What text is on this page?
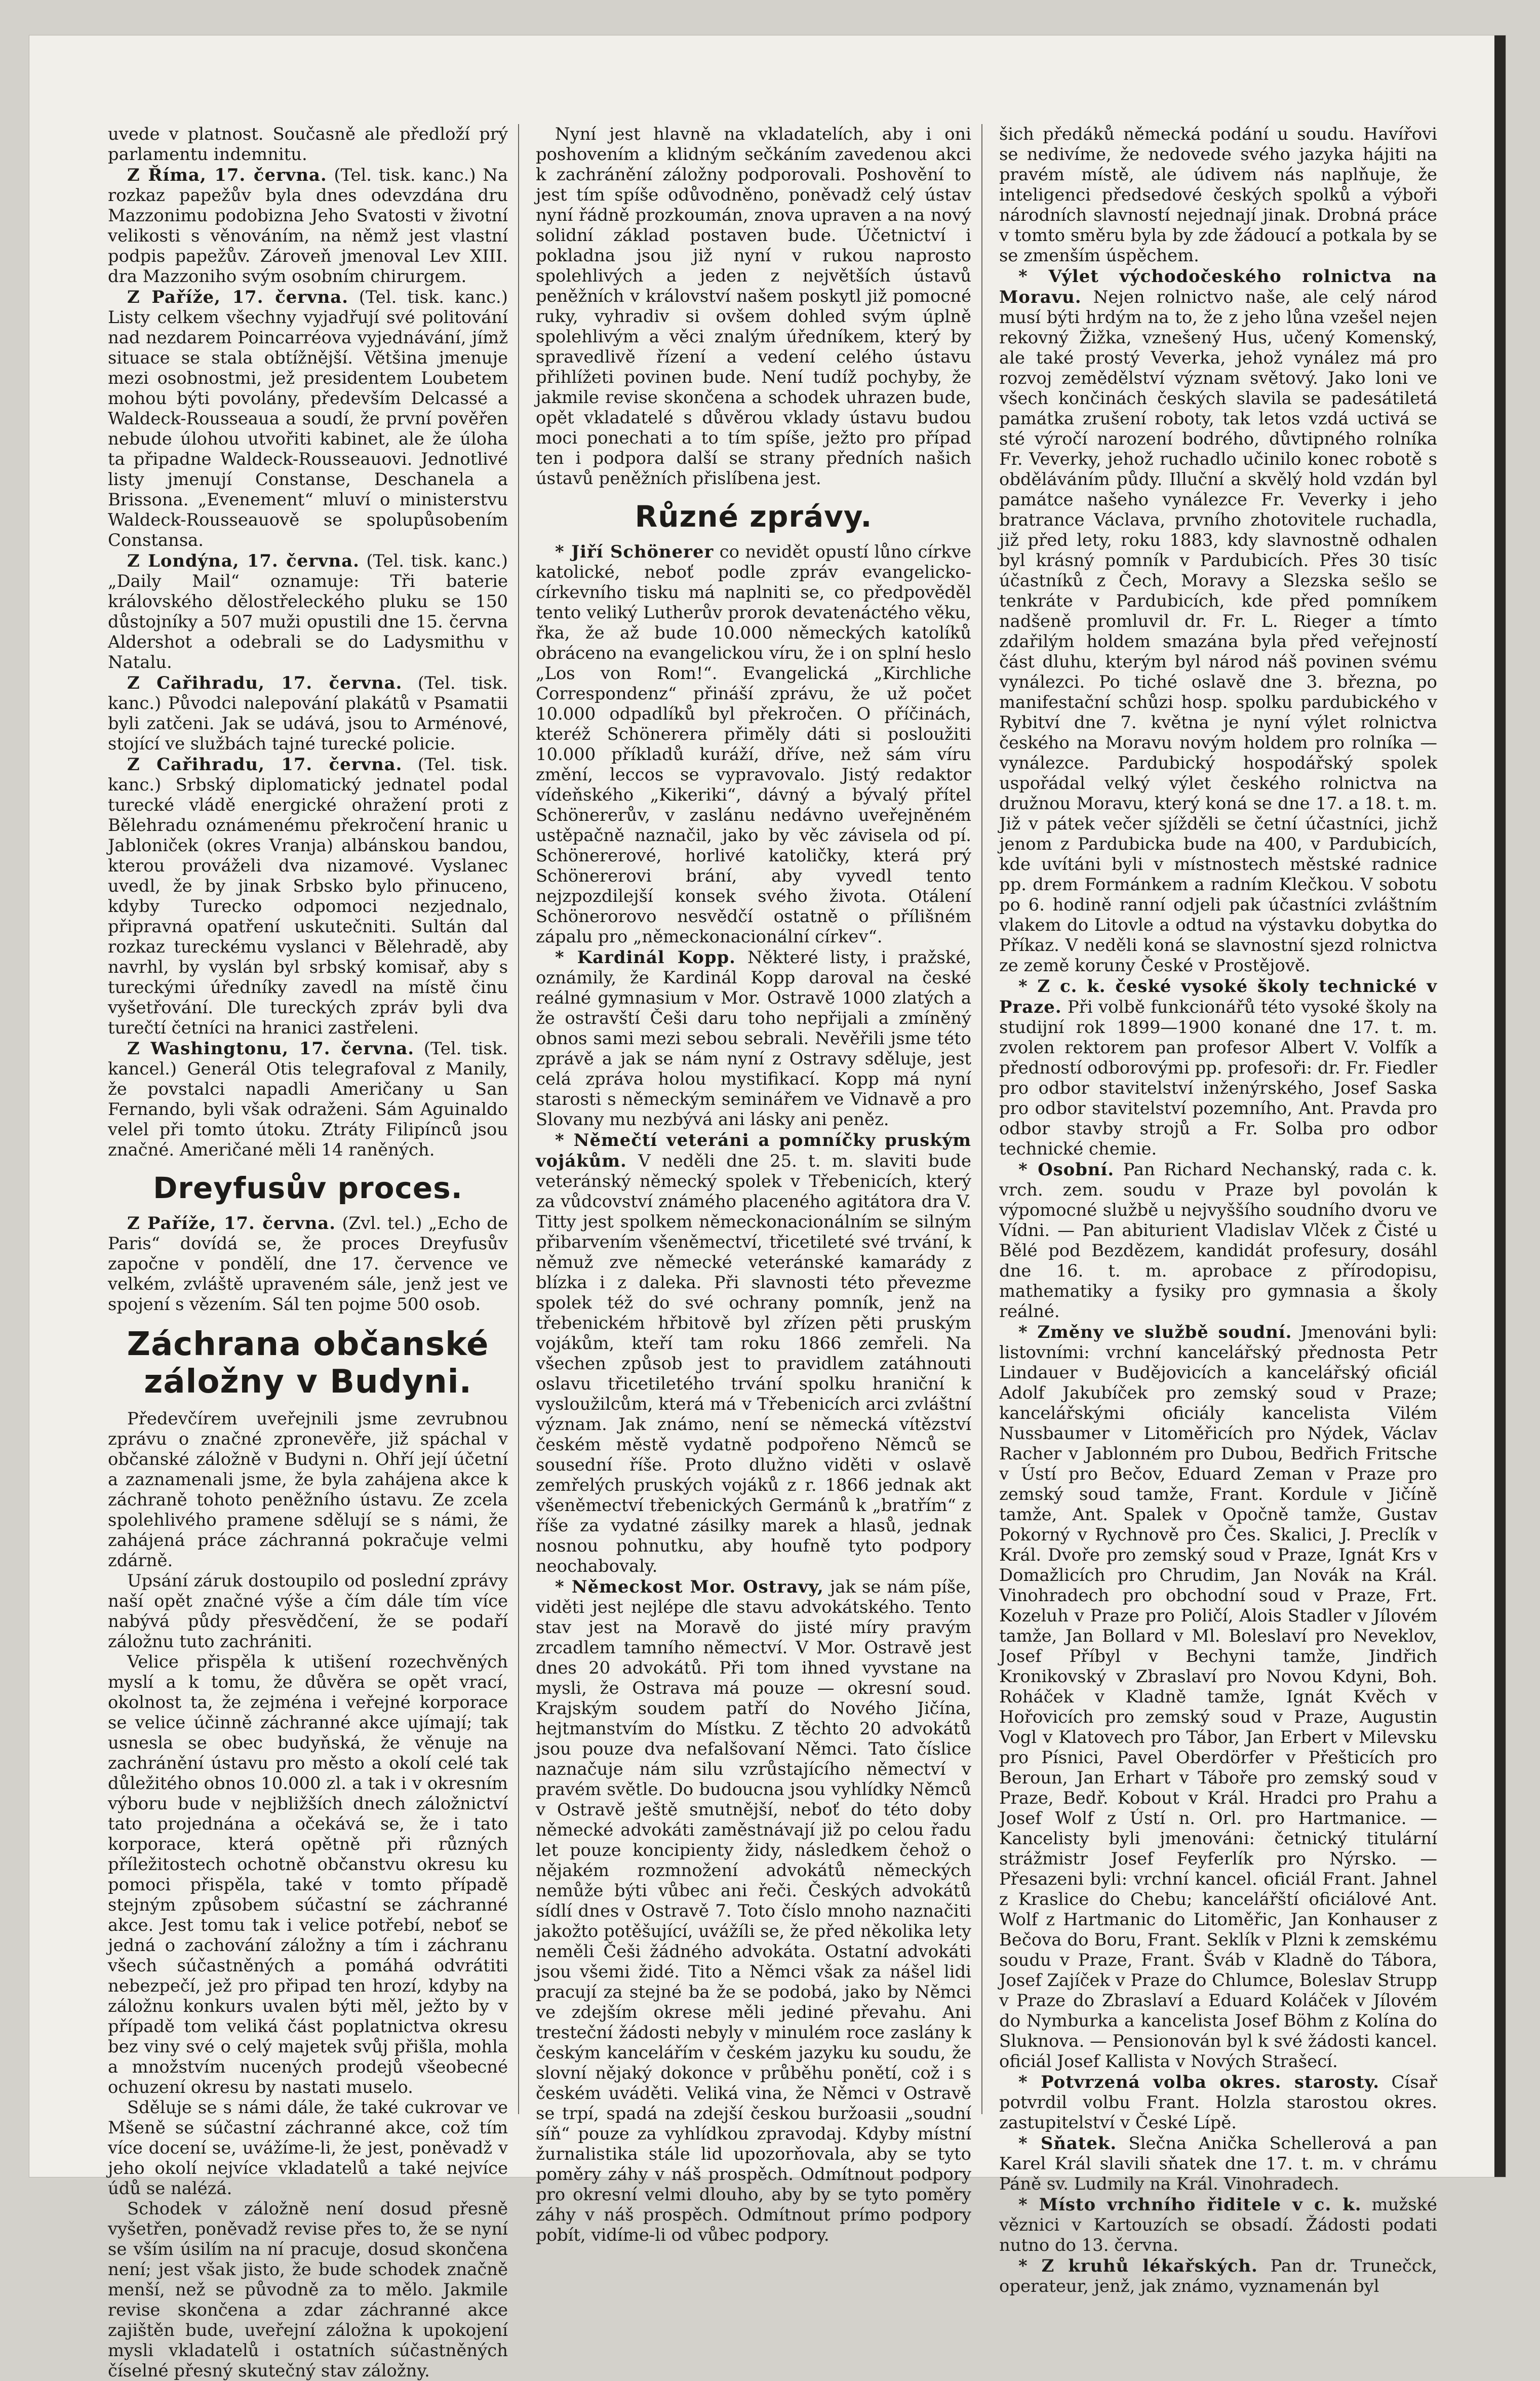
uvede v platnost. Současně ale předloží prý parlamentu indemnitu.

Z Říma, 17. června. (Tel. tisk. kanc.) Na rozkaz papežův byla dnes odevzdána dru Mazzonimu podobizna Jeho Svatosti v životní velikosti s věnováním, na němž jest vlastní podpis papežův. Zároveň jmenoval Lev XIII. dra Mazzoniho svým osobním chirurgem.

Z Paříže, 17. června. (Tel. tisk. kanc.) Listy celkem všechny vyjadřují své politování nad nezdarem Poincarréova vyjednávání, jímž situace se stala obtížnější. Většina jmenuje mezi osobnostmi, jež presidentem Loubetem mohou býti povolány, především Delcassé a Waldeck-Rousseaua a soudí, že první pověřen nebude úlohou utvořiti kabinet, ale že úloha ta připadne Waldeck-Rousseauovi. Jednotlivé listy jmenují Constanse, Deschanela a Brissona. „Evenement“ mluví o ministerstvu Waldeck-Rousseauově se spolupůsobením Constansa.

Z Londýna, 17. června. (Tel. tisk. kanc.) „Daily Mail“ oznamuje: Tři baterie královského dělostřeleckého pluku se 150 důstojníky a 507 muži opustili dne 15. června Aldershot a odebrali se do Ladysmithu v Natalu.

Z Cařihradu, 17. června. (Tel. tisk. kanc.) Původci nalepování plakátů v Psamatii byli zatčeni. Jak se udává, jsou to Arménové, stojící ve službách tajné turecké policie.

Z Cařihradu, 17. června. (Tel. tisk. kanc.) Srbský diplomatický jednatel podal turecké vládě energické ohražení proti z Bělehradu oznámenému překročení hranic u Jabloniček (okres Vranja) albánskou bandou, kterou prováželi dva nizamové. Vyslanec uvedl, že by jinak Srbsko bylo přinuceno, kdyby Turecko odpomoci nezjednalo, připravná opatření uskutečniti. Sultán dal rozkaz tureckému vyslanci v Bělehradě, aby navrhl, by vyslán byl srbský komisař, aby s tureckými úředníky zavedl na místě činu vyšetřování. Dle tureckých zpráv byli dva turečtí četníci na hranici zastřeleni.

Z Washingtonu, 17. června. (Tel. tisk. kancel.) Generál Otis telegrafoval z Manily, že povstalci napadli Američany u San Fernando, byli však odraženi. Sám Aguinaldo velel při tomto útoku. Ztráty Filipínců jsou značné. Američané měli 14 raněných.

Dreyfusův proces.

Z Paříže, 17. června. (Zvl. tel.) „Echo de Paris“ dovídá se, že proces Dreyfusův započne v pondělí, dne 17. července ve velkém, zvláště upraveném sále, jenž jest ve spojení s vězením. Sál ten pojme 500 osob.

Záchrana občanské záložny v Budyni.

Předevčírem uveřejnili jsme zevrubnou zprávu o značné zpronevěře, již spáchal v občanské záložně v Budyni n. Ohří její účetní a zaznamenali jsme, že byla zahájena akce k záchraně tohoto peněžního ústavu. Ze zcela spolehlivého pramene sdělují se s námi, že zahájená práce záchranná pokračuje velmi zdárně.

Upsání záruk dostoupilo od poslední zprávy naší opět značné výše a čím dále tím více nabývá půdy přesvědčení, že se podaří záložnu tuto zachrániti.

Velice přispěla k utišení rozechvěných myslí a k tomu, že důvěra se opět vrací, okolnost ta, že zejména i veřejné korporace se velice účinně záchranné akce ujímají; tak usnesla se obec budyňská, že věnuje na zachránění ústavu pro město a okolí celé tak důležitého obnos 10.000 zl. a tak i v okresním výboru bude v nejbližších dnech záložnictví tato projednána a očekává se, že i tato korporace, která opětně při různých příležitostech ochotně občanstvu okresu ku pomoci přispěla, také v tomto případě stejným způsobem súčastní se záchranné akce. Jest tomu tak i velice potřebí, neboť se jedná o zachování záložny a tím i záchranu všech súčastněných a pomáhá odvrátiti nebezpečí, jež pro připad ten hrozí, kdyby na záložnu konkurs uvalen býti měl, ježto by v případě tom veliká část poplatnictva okresu bez viny své o celý majetek svůj přišla, mohla a množstvím nucených prodejů všeobecné ochuzení okresu by nastati muselo.

Sděluje se s námi dále, že také cukrovar ve Mšeně se súčastní záchranné akce, což tím více docení se, uvážíme-li, že jest, poněvadž v jeho okolí nejvíce vkladatelů a také nejvíce údů se nalézá.

Schodek v záložně není dosud přesně vyšetřen, poněvadž revise přes to, že se nyní se vším úsilím na ní pracuje, dosud skončena není; jest však jisto, že bude schodek značně menší, než se původně za to mělo. Jakmile revise skončena a zdar záchranné akce zajištěn bude, uveřejní záložna k upokojení mysli vkladatelů i ostatních súčastněných číselné přesný skutečný stav záložny.

Nyní jest hlavně na vkladatelích, aby i oni poshovením a klidným sečkáním zavedenou akci k zachránění záložny podporovali. Poshovění to jest tím spíše odůvodněno, poněvadž celý ústav nyní řádně prozkoumán, znova upraven a na nový solidní základ postaven bude. Účetnictví i pokladna jsou již nyní v rukou naprosto spolehlivých a jeden z největších ústavů peněžních v království našem poskytl již pomocné ruky, vyhradiv si ovšem dohled svým úplně spolehlivým a věci znalým úředníkem, který by spravedlivě řízení a vedení celého ústavu přihlížeti povinen bude. Není tudíž pochyby, že jakmile revise skončena a schodek uhrazen bude, opět vkladatelé s důvěrou vklady ústavu budou moci ponechati a to tím spíše, ježto pro případ ten i podpora další se strany předních našich ústavů peněžních přislíbena jest.

Různé zprávy.

* Jiří Schönerer co nevidět opustí lůno církve katolické, neboť podle zpráv evangelicko-církevního tisku má naplniti se, co předpověděl tento veliký Lutherův prorok devatenáctého věku, řka, že až bude 10.000 německých katolíků obráceno na evangelickou víru, že i on splní heslo „Los von Rom!“. Evangelická „Kirchliche Correspondenz“ přináší zprávu, že už počet 10.000 odpadlíků byl překročen. O příčinách, kteréž Schönerera přiměly dáti si posloužiti 10.000 příkladů kuráží, dříve, než sám víru změní, leccos se vypravovalo. Jistý redaktor vídeňského „Kikeriki“, dávný a bývalý přítel Schönererův, v zaslánu nedávno uveřejněném ustěpačně naznačil, jako by věc závisela od pí. Schönererové, horlivé katoličky, která prý Schönererovi brání, aby vyvedl tento nejzpozdilejší konsek svého života. Otálení Schönerorovo nesvědčí ostatně o přílišném zápalu pro „německonacionální církev“.

* Kardinál Kopp. Některé listy, i pražské, oznámily, že Kardinál Kopp daroval na české reálné gymnasium v Mor. Ostravě 1000 zlatých a že ostravští Češi daru toho nepřijali a zmíněný obnos sami mezi sebou sebrali. Nevěřili jsme této zprávě a jak se nám nyní z Ostravy sděluje, jest celá zpráva holou mystifikací. Kopp má nyní starosti s německým seminářem ve Vidnavě a pro Slovany mu nezbývá ani lásky ani peněz.

* Němečtí veteráni a pomníčky pruským vojákům. V neděli dne 25. t. m. slaviti bude veteránský německý spolek v Třebenicích, který za vůdcovství známého placeného agitátora dra V. Titty jest spolkem německonacionálním se silným přibarvením všeněmectví, třicetileté své trvání, k němuž zve německé veteránské kamarády z blízka i z daleka. Při slavnosti této převezme spolek též do své ochrany pomník, jenž na třebenickém hřbitově byl zřízen pěti pruským vojákům, kteří tam roku 1866 zemřeli. Na všechen způsob jest to pravidlem zatáhnouti oslavu třicetiletého trvání spolku hraniční k vysloužilcům, která má v Třebenicích arci zvláštní význam. Jak známo, není se německá vítězství českém městě vydatně podpořeno Němců se sousední říše. Proto dlužno viděti v oslavě zemřelých pruských vojáků z r. 1866 jednak akt všeněmectví třebenických Germánů k „bratřím“ z říše za vydatné zásilky marek a hlasů, jednak nosnou pohnutku, aby houfně tyto podpory neochabovaly.

* Německost Mor. Ostravy, jak se nám píše, viděti jest nejlépe dle stavu advokátského. Tento stav jest na Moravě do jisté míry pravým zrcadlem tamního němectví. V Mor. Ostravě jest dnes 20 advokátů. Při tom ihned vyvstane na mysli, že Ostrava má pouze — okresní soud. Krajským soudem patří do Nového Jičína, hejtmanstvím do Místku. Z těchto 20 advokátů jsou pouze dva nefalšovaní Němci. Tato číslice naznačuje nám silu vzrůstajícího němectví v pravém světle. Do budoucna jsou vyhlídky Němců v Ostravě ještě smutnější, neboť do této doby německé advokáti zaměstnávají již po celou řadu let pouze koncipienty židy, následkem čehož o nějakém rozmnožení advokátů německých nemůže býti vůbec ani řeči. Českých advokátů sídlí dnes v Ostravě 7. Toto číslo mnoho naznačiti jakožto potěšující, uvážíli se, že před několika lety neměli Češi žádného advokáta. Ostatní advokáti jsou všemi židé. Tito a Němci však za nášel lidi pracují za stejné ba že se podobá, jako by Němci ve zdejším okrese měli jediné převahu. Ani tresteční žádosti nebyly v minulém roce zaslány k českým kancelářím v českém jazyku ku soudu, že slovní nějaký dokonce v průběhu ponětí, což i s českém uváděti. Veliká vina, že Němci v Ostravě se trpí, spadá na zdejší českou buržoasii „soudní síň“ pouze za vyhlídkou zpravodaj. Kdyby místní žurnalistika stále lid upozorňovala, aby se tyto poměry záhy v náš prospěch. Odmítnout podpory pro okresní velmi dlouho, aby by se tyto poměry záhy v náš prospěch. Odmítnout prímo podpory pobít, vidíme-li od vůbec podpory.

šich předáků německá podání u soudu. Havířovi se nedivíme, že nedovede svého jazyka hájiti na pravém místě, ale údivem nás naplňuje, že inteligenci předsedové českých spolků a výboři národních slavností nejednají jinak. Drobná práce v tomto směru byla by zde žádoucí a potkala by se se zmenším úspěchem.

* Výlet východočeského rolnictva na Moravu. Nejen rolnictvo naše, ale celý národ musí býti hrdým na to, že z jeho lůna vzešel nejen rekovný Žižka, vznešený Hus, učený Komenský, ale také prostý Veverka, jehož vynález má pro rozvoj zemědělství význam světový. Jako loni ve všech končinách českých slavila se padesátiletá památka zrušení roboty, tak letos vzdá uctivá se sté výročí narození bodrého, důvtipného rolníka Fr. Veverky, jehož ruchadlo učinilo konec robotě s obděláváním půdy. Illuční a skvělý hold vzdán byl památce našeho vynálezce Fr. Veverky i jeho bratrance Václava, prvního zhotovitele ruchadla, již před lety, roku 1883, kdy slavnostně odhalen byl krásný pomník v Pardubicích. Přes 30 tisíc účastníků z Čech, Moravy a Slezska sešlo se tenkráte v Pardubicích, kde před pomníkem nadšeně promluvil dr. Fr. L. Rieger a tímto zdařilým holdem smazána byla před veřejností část dluhu, kterým byl národ náš povinen svému vynálezci. Po tiché oslavě dne 3. března, po manifestační schůzi hosp. spolku pardubického v Rybitví dne 7. května je nyní výlet rolnictva českého na Moravu novým holdem pro rolníka — vynálezce. Pardubický hospodářský spolek uspořádal velký výlet českého rolnictva na družnou Moravu, který koná se dne 17. a 18. t. m. Již v pátek večer sjížděli se četní účastníci, jichž jenom z Pardubicka bude na 400, v Pardubicích, kde uvítáni byli v místnostech městské radnice pp. drem Formánkem a radním Klečkou. V sobotu po 6. hodině ranní odjeli pak účastníci zvláštním vlakem do Litovle a odtud na výstavku dobytka do Příkaz. V neděli koná se slavnostní sjezd rolnictva ze země koruny České v Prostějově.

* Z c. k. české vysoké školy technické v Praze. Při volbě funkcionářů této vysoké školy na studijní rok 1899—1900 konané dne 17. t. m. zvolen rektorem pan profesor Albert V. Volfík a předností odborovými pp. profesoři: dr. Fr. Fiedler pro odbor stavitelství inženýrského, Josef Saska pro odbor stavitelství pozemního, Ant. Pravda pro odbor stavby strojů a Fr. Solba pro odbor technické chemie.

* Osobní. Pan Richard Nechanský, rada c. k. vrch. zem. soudu v Praze byl povolán k výpomocné službě u nejvyššího soudního dvoru ve Vídni. — Pan abiturient Vladislav Vlček z Čisté u Bělé pod Bezdězem, kandidát profesury, dosáhl dne 16. t. m. aprobace z přírodopisu, mathematiky a fysiky pro gymnasia a školy reálné.

* Změny ve službě soudní. Jmenováni byli: listovními: vrchní kancelářský přednosta Petr Lindauer v Budějovicích a kancelářský oficiál Adolf Jakubíček pro zemský soud v Praze; kancelářskými oficiály kancelista Vilém Nussbaumer v Litoměřicích pro Nýdek, Václav Racher v Jablonném pro Dubou, Bedřich Fritsche v Ústí pro Bečov, Eduard Zeman v Praze pro zemský soud tamže, Frant. Kordule v Jičíně tamže, Ant. Spalek v Opočně tamže, Gustav Pokorný v Rychnově pro Čes. Skalici, J. Preclík v Král. Dvoře pro zemský soud v Praze, Ignát Krs v Domažlicích pro Chrudim, Jan Novák na Král. Vinohradech pro obchodní soud v Praze, Frt. Kozeluh v Praze pro Poličí, Alois Stadler v Jílovém tamže, Jan Bollard v Ml. Boleslaví pro Neveklov, Josef Příbyl v Bechyni tamže, Jindřich Kronikovský v Zbraslaví pro Novou Kdyni, Boh. Roháček v Kladně tamže, Ignát Kvěch v Hořovicích pro zemský soud v Praze, Augustin Vogl v Klatovech pro Tábor, Jan Erbert v Milevsku pro Písnici, Pavel Oberdörfer v Přešticích pro Beroun, Jan Erhart v Táboře pro zemský soud v Praze, Bedř. Kobout v Král. Hradci pro Prahu a Josef Wolf z Ústí n. Orl. pro Hartmanice. — Kancelisty byli jmenováni: četnický titulární strážmistr Josef Feyferlík pro Nýrsko. — Přesazeni byli: vrchní kancel. oficiál Frant. Jahnel z Kraslice do Chebu; kancelářští oficiálové Ant. Wolf z Hartmanic do Litoměřic, Jan Konhauser z Bečova do Boru, Frant. Seklík v Plzni k zemskému soudu v Praze, Frant. Šváb v Kladně do Tábora, Josef Zajíček v Praze do Chlumce, Boleslav Strupp v Praze do Zbraslaví a Eduard Koláček v Jílovém do Nymburka a kancelista Josef Böhm z Kolína do Sluknova. — Pensionován byl k své žádosti kancel. oficiál Josef Kallista v Nových Strašecí.

* Potvrzená volba okres. starosty. Císař potvrdil volbu Frant. Holzla starostou okres. zastupitelství v České Lípě.

* Sňatek. Slečna Anička Schellerová a pan Karel Král slavili sňatek dne 17. t. m. v chrámu Páně sv. Ludmily na Král. Vinohradech.

* Místo vrchního řiditele v c. k. mužské věznici v Kartouzích se obsadí. Žádosti podati nutno do 13. června.

* Z kruhů lékařských. Pan dr. Trunečck, operateur, jenž, jak známo, vyznamenán byl
